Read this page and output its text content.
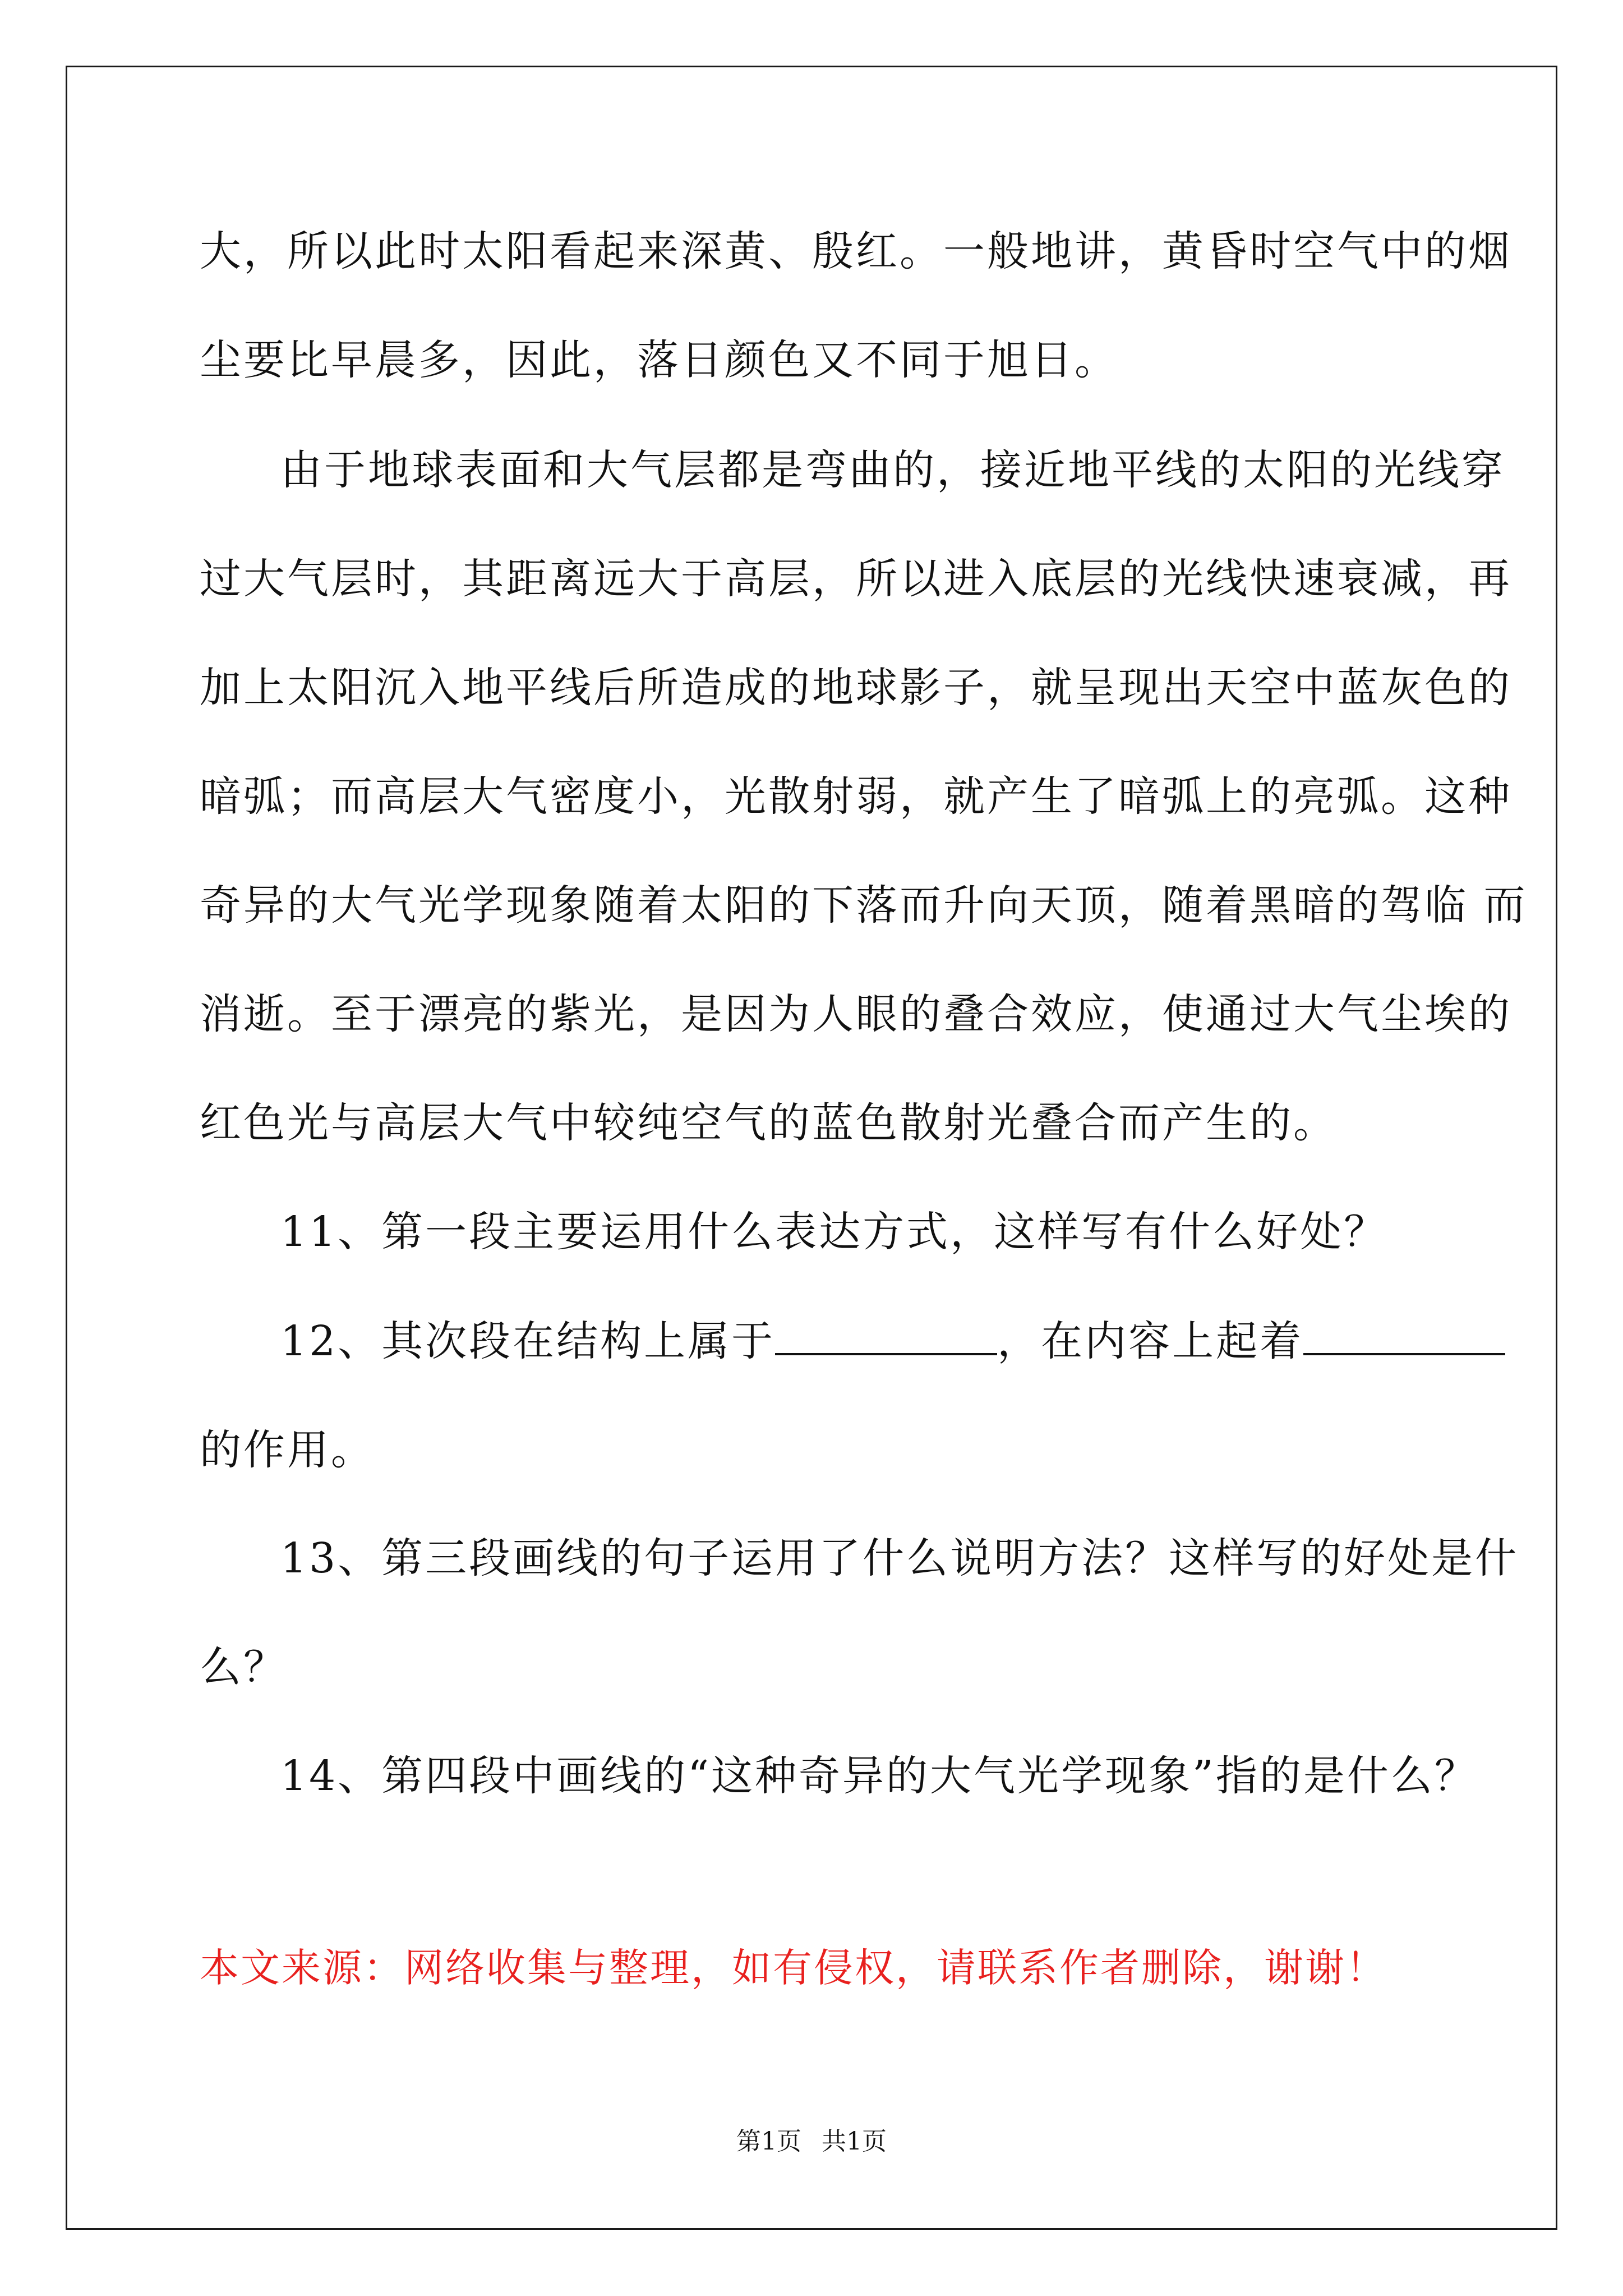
大，所以此时太阳看起来深黄、殷红。一般地讲，黄昏时空气中的烟
尘要比早晨多，因此，落日颜色又不同于旭日。
由于地球表面和大气层都是弯曲的，接近地平线的太阳的光线穿
过大气层时，其距离远大于高层，所以进入底层的光线快速衰减，再
加上太阳沉入地平线后所造成的地球影子，就呈现出天空中蓝灰色的
暗弧；而高层大气密度小，光散射弱，就产生了暗弧上的亮弧。这种
奇异的大气光学现象随着太阳的下落而升向天顶，随着黑暗的驾临 而
消逝。至于漂亮的紫光，是因为人眼的叠合效应，使通过大气尘埃的
红色光与高层大气中较纯空气的蓝色散射光叠合而产生的。
11、第一段主要运用什么表达方式，这样写有什么好处？
12、其次段在结构上属于	，在内容上起着
的作用。
13、第三段画线的句子运用了什么说明方法？这样写的好处是什
么？
14、第四段中画线的“这种奇异的大气光学现象”指的是什么？
本文来源：网络收集与整理，如有侵权，请联系作者删除，谢谢！
第1页 共1页
